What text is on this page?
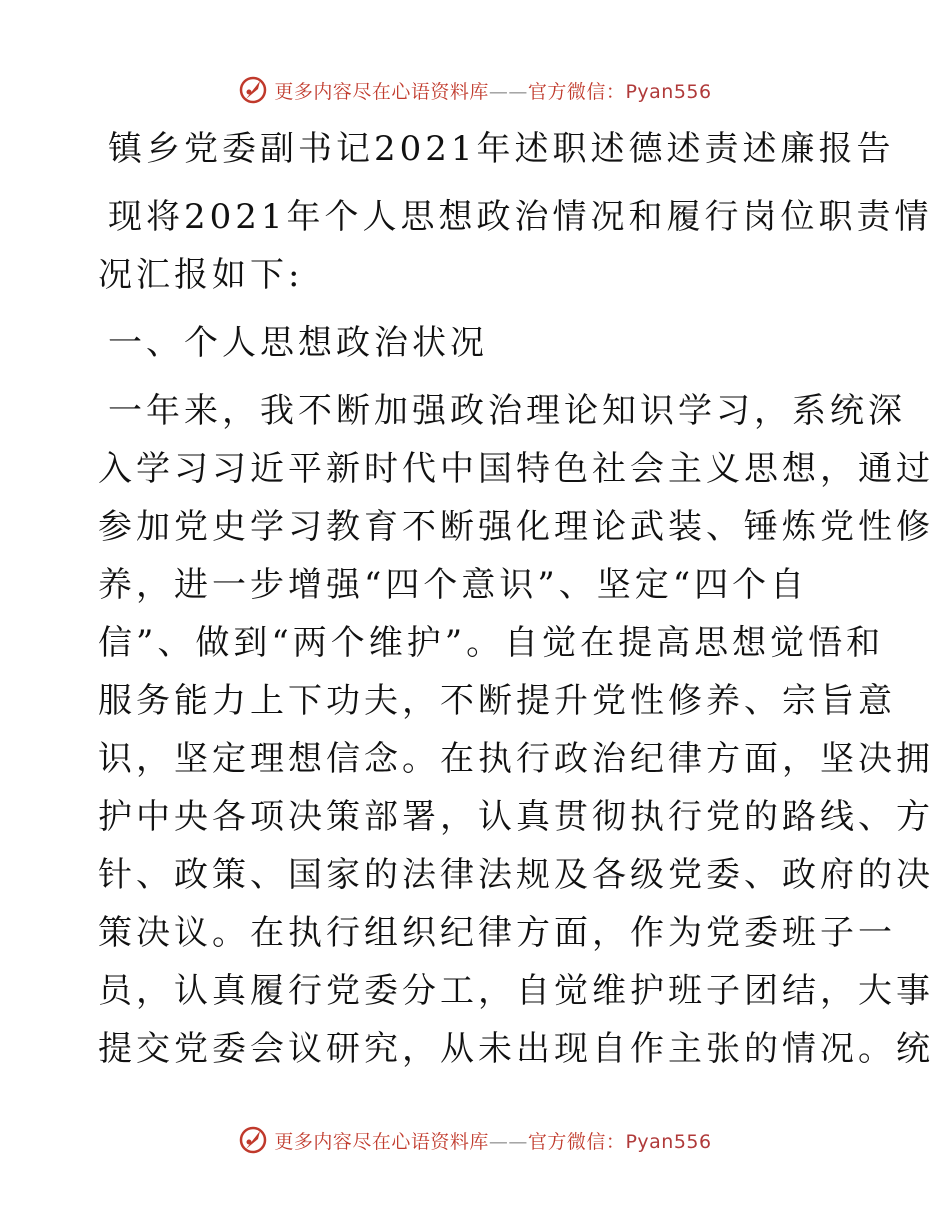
更多内容尽在心语资料库——官方微信：Pyan556
镇乡党委副书记2021年述职述德述责述廉报告
现将2021年个人思想政治情况和履行岗位职责情
况汇报如下:
一、个人思想政治状况
一年来，我不断加强政治理论知识学习，系统深
入学习习近平新时代中国特色社会主义思想，通过
参加党史学习教育不断强化理论武装、锤炼党性修
养，进一步增强“四个意识”、坚定“四个自
信”、做到“两个维护”。自觉在提高思想觉悟和
服务能力上下功夫，不断提升党性修养、宗旨意
识，坚定理想信念。在执行政治纪律方面，坚决拥
护中央各项决策部署，认真贯彻执行党的路线、方
针、政策、国家的法律法规及各级党委、政府的决
策决议。在执行组织纪律方面，作为党委班子一
员，认真履行党委分工，自觉维护班子团结，大事
提交党委会议研究，从未出现自作主张的情况。统
更多内容尽在心语资料库——官方微信：Pyan556
